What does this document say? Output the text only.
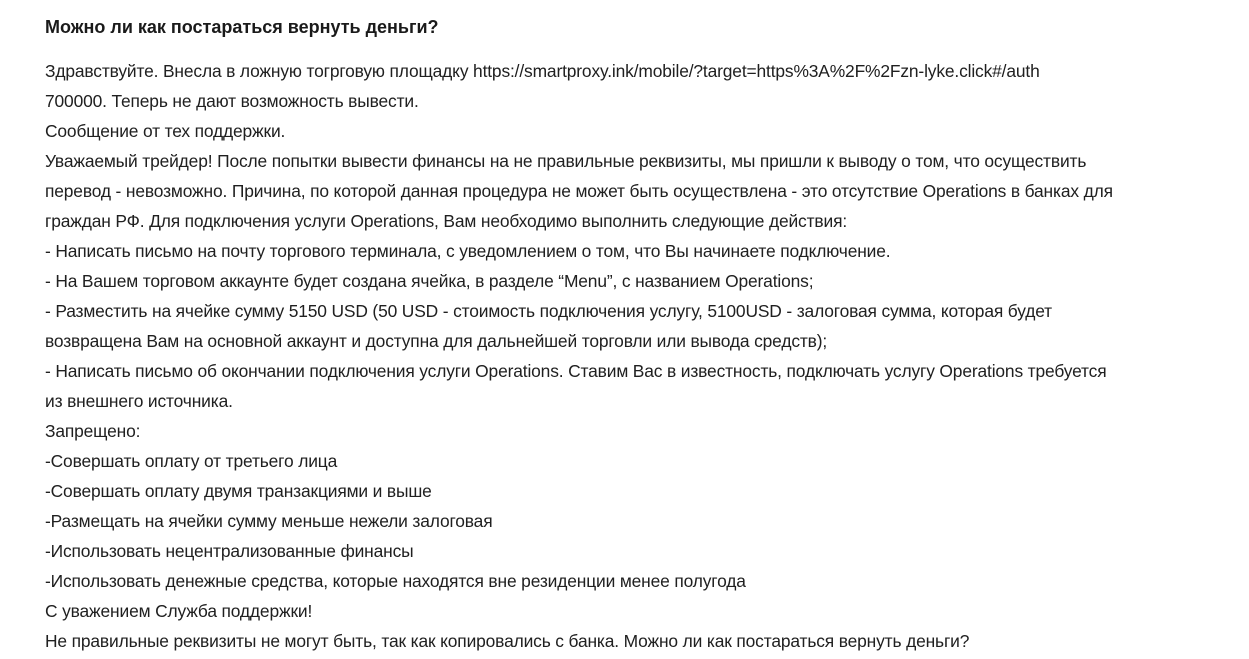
Можно ли как постараться вернуть деньги?
Здравствуйте. Внесла в ложную тогрговую площадку https://smartproxy.ink/mobile/?target=https%3A%2F%2Fzn-lyke.click#/auth
700000. Теперь не дают возможность вывести.
Сообщение от тех поддержки.
Уважаемый трейдер! После попытки вывести финансы на не правильные реквизиты, мы пришли к выводу о том, что осуществить
перевод - невозможно. Причина, по которой данная процедура не может быть осуществлена - это отсутствие Operations в банках для
граждан РФ. Для подключения услуги Operations, Вам необходимо выполнить следующие действия:
- Написать письмо на почту торгового терминала, с уведомлением о том, что Вы начинаете подключение.
- На Вашем торговом аккаунте будет создана ячейка, в разделе “Menu”, с названием Operations;
- Разместить на ячейке сумму 5150 USD (50 USD - стоимость подключения услугу, 5100USD - залоговая сумма, которая будет
возвращена Вам на основной аккаунт и доступна для дальнейшей торговли или вывода средств);
- Написать письмо об окончании подключения услуги Operations. Ставим Вас в известность, подключать услугу Operations требуется
из внешнего источника.
Запрещено:
-Совершать оплату от третьего лица
-Совершать оплату двумя транзакциями и выше
-Размещать на ячейки сумму меньше нежели залоговая
-Использовать нецентрализованные финансы
-Использовать денежные средства, которые находятся вне резиденции менее полугода
С уважением Служба поддержки!
Не правильные реквизиты не могут быть, так как копировались с банка. Можно ли как постараться вернуть деньги?
